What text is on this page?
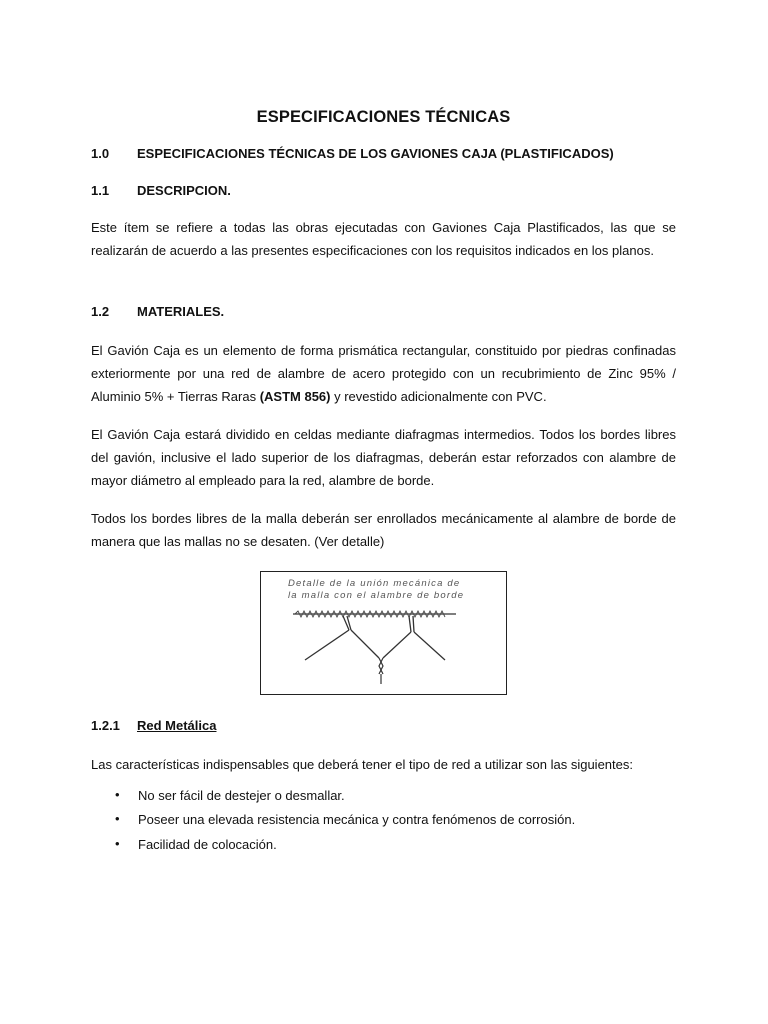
ESPECIFICACIONES TÉCNICAS
1.0 ESPECIFICACIONES TÉCNICAS DE LOS GAVIONES CAJA (PLASTIFICADOS)
1.1 DESCRIPCION.
Este ítem se refiere a todas las obras ejecutadas con Gaviones Caja Plastificados, las que se realizarán de acuerdo a las presentes especificaciones con los requisitos indicados en los planos.
1.2 MATERIALES.
El Gavión Caja es un elemento de forma prismática rectangular, constituido por piedras confinadas exteriormente por una red de alambre de acero protegido con un recubrimiento de Zinc 95% / Aluminio 5% + Tierras Raras (ASTM 856) y revestido adicionalmente con PVC.
El Gavión Caja estará dividido en celdas mediante diafragmas intermedios. Todos los bordes libres del gavión, inclusive el lado superior de los diafragmas, deberán estar reforzados con alambre de mayor diámetro al empleado para la red, alambre de borde.
Todos los bordes libres de la malla deberán ser enrollados mecánicamente al alambre de borde de manera que las mallas no se desaten. (Ver detalle)
Detalle de la unión mecánica de
la malla con el alambre de borde
1.2.1 Red Metálica
Las características indispensables que deberá tener el tipo de red a utilizar son las siguientes:
• No ser fácil de destejer o desmallar.
• Poseer una elevada resistencia mecánica y contra fenómenos de corrosión.
• Facilidad de colocación.
